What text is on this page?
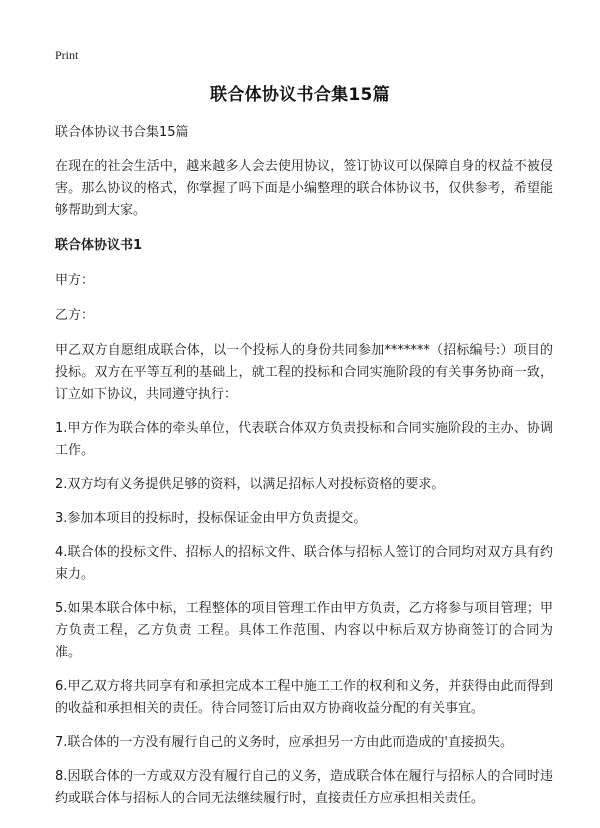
Print
联合体协议书合集15篇

联合体协议书合集15篇

在现在的社会生活中，越来越多人会去使用协议，签订协议可以保障自身的权益不被侵害。那么协议的格式，你掌握了吗下面是小编整理的联合体协议书，仅供参考，希望能够帮助到大家。

联合体协议书1

甲方：

乙方：

甲乙双方自愿组成联合体，以一个投标人的身份共同参加*******（招标编号:）项目的投标。双方在平等互利的基础上，就工程的投标和合同实施阶段的有关事务协商一致，订立如下协议，共同遵守执行：

1.甲方作为联合体的牵头单位，代表联合体双方负责投标和合同实施阶段的主办、协调工作。

2.双方均有义务提供足够的资料，以满足招标人对投标资格的要求。

3.参加本项目的投标时，投标保证金由甲方负责提交。

4.联合体的投标文件、招标人的招标文件、联合体与招标人签订的合同均对双方具有约束力。

5.如果本联合体中标，工程整体的项目管理工作由甲方负责，乙方将参与项目管理；甲方负责工程，乙方负责 工程。具体工作范围、内容以中标后双方协商签订的合同为准。

6.甲乙双方将共同享有和承担完成本工程中施工工作的权利和义务，并获得由此而得到的收益和承担相关的责任。待合同签订后由双方协商收益分配的有关事宜。

7.联合体的一方没有履行自己的义务时，应承担另一方由此而造成的'直接损失。

8.因联合体的一方或双方没有履行自己的义务，造成联合体在履行与招标人的合同时违约或联合体与招标人的合同无法继续履行时，直接责任方应承担相关责任。
